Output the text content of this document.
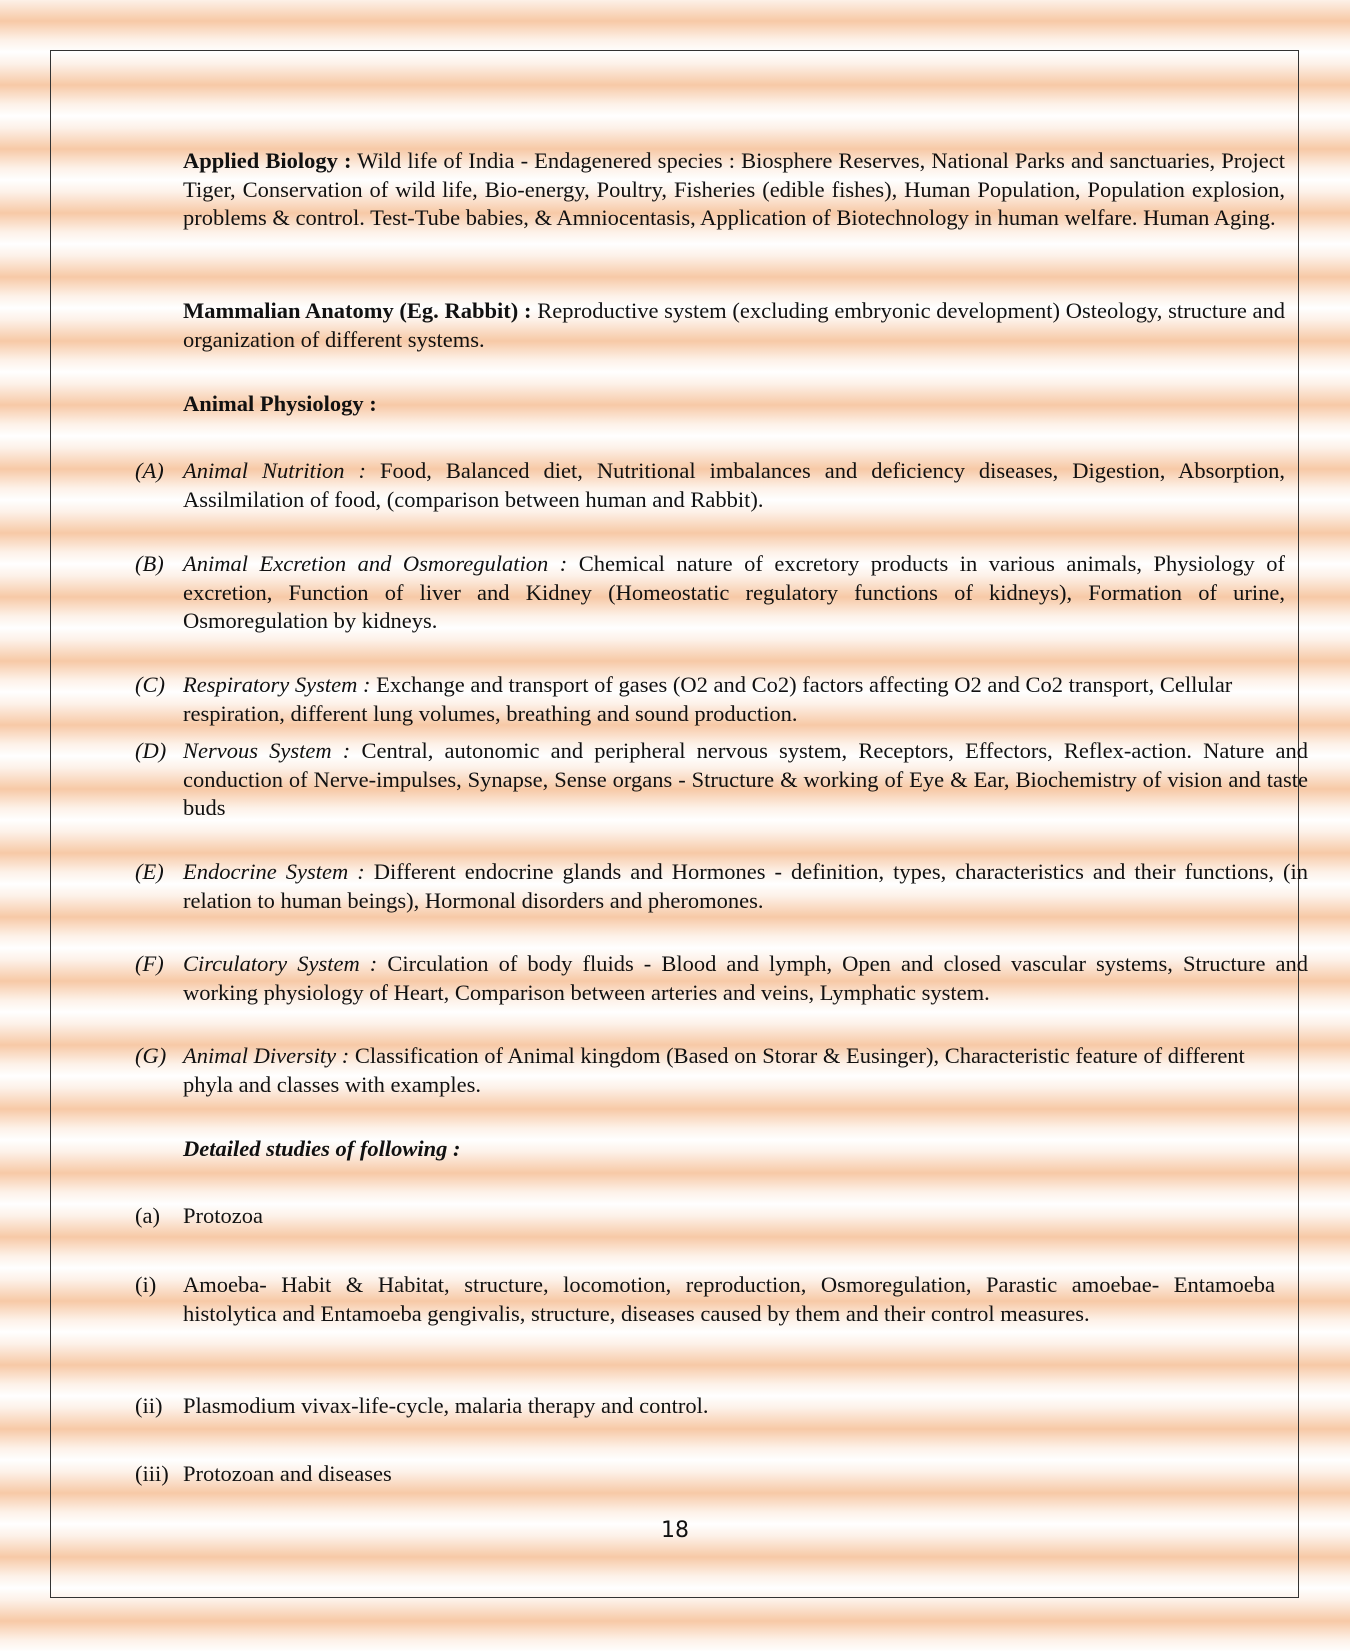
Applied Biology : Wild life of India - Endagenered species : Biosphere Reserves, National Parks and sanctuaries, Project Tiger, Conservation of wild life, Bio-energy, Poultry, Fisheries (edible fishes), Human Population, Population explosion, problems & control. Test-Tube babies, & Amniocentasis, Application of Biotechnology in human welfare. Human Aging.
Mammalian Anatomy (Eg. Rabbit) : Reproductive system (excluding embryonic development) Osteology, structure and organization of different systems.
Animal Physiology :
(A) Animal Nutrition : Food, Balanced diet, Nutritional imbalances and deficiency diseases, Digestion, Absorption, Assilmilation of food, (comparison between human and Rabbit).
(B) Animal Excretion and Osmoregulation : Chemical nature of excretory products in various animals, Physiology of excretion, Function of liver and Kidney (Homeostatic regulatory functions of kidneys), Formation of urine, Osmoregulation by kidneys.
(C) Respiratory System : Exchange and transport of gases (O2 and Co2) factors affecting O2 and Co2 transport, Cellular respiration, different lung volumes, breathing and sound production.
(D) Nervous System : Central, autonomic and peripheral nervous system, Receptors, Effectors, Reflex-action. Nature and conduction of Nerve-impulses, Synapse, Sense organs - Structure & working of Eye & Ear, Biochemistry of vision and taste buds
(E) Endocrine System : Different endocrine glands and Hormones - definition, types, characteristics and their functions, (in relation to human beings), Hormonal disorders and pheromones.
(F) Circulatory System : Circulation of body fluids - Blood and lymph, Open and closed vascular systems, Structure and working physiology of Heart, Comparison between arteries and veins, Lymphatic system.
(G) Animal Diversity : Classification of Animal kingdom (Based on Storar & Eusinger), Characteristic feature of different phyla and classes with examples.
Detailed studies of following :
(a) Protozoa
(i) Amoeba- Habit & Habitat, structure, locomotion, reproduction, Osmoregulation, Parastic amoebae- Entamoeba histolytica and Entamoeba gengivalis, structure, diseases caused by them and their control measures.
(ii) Plasmodium vivax-life-cycle, malaria therapy and control.
(iii) Protozoan and diseases
18
